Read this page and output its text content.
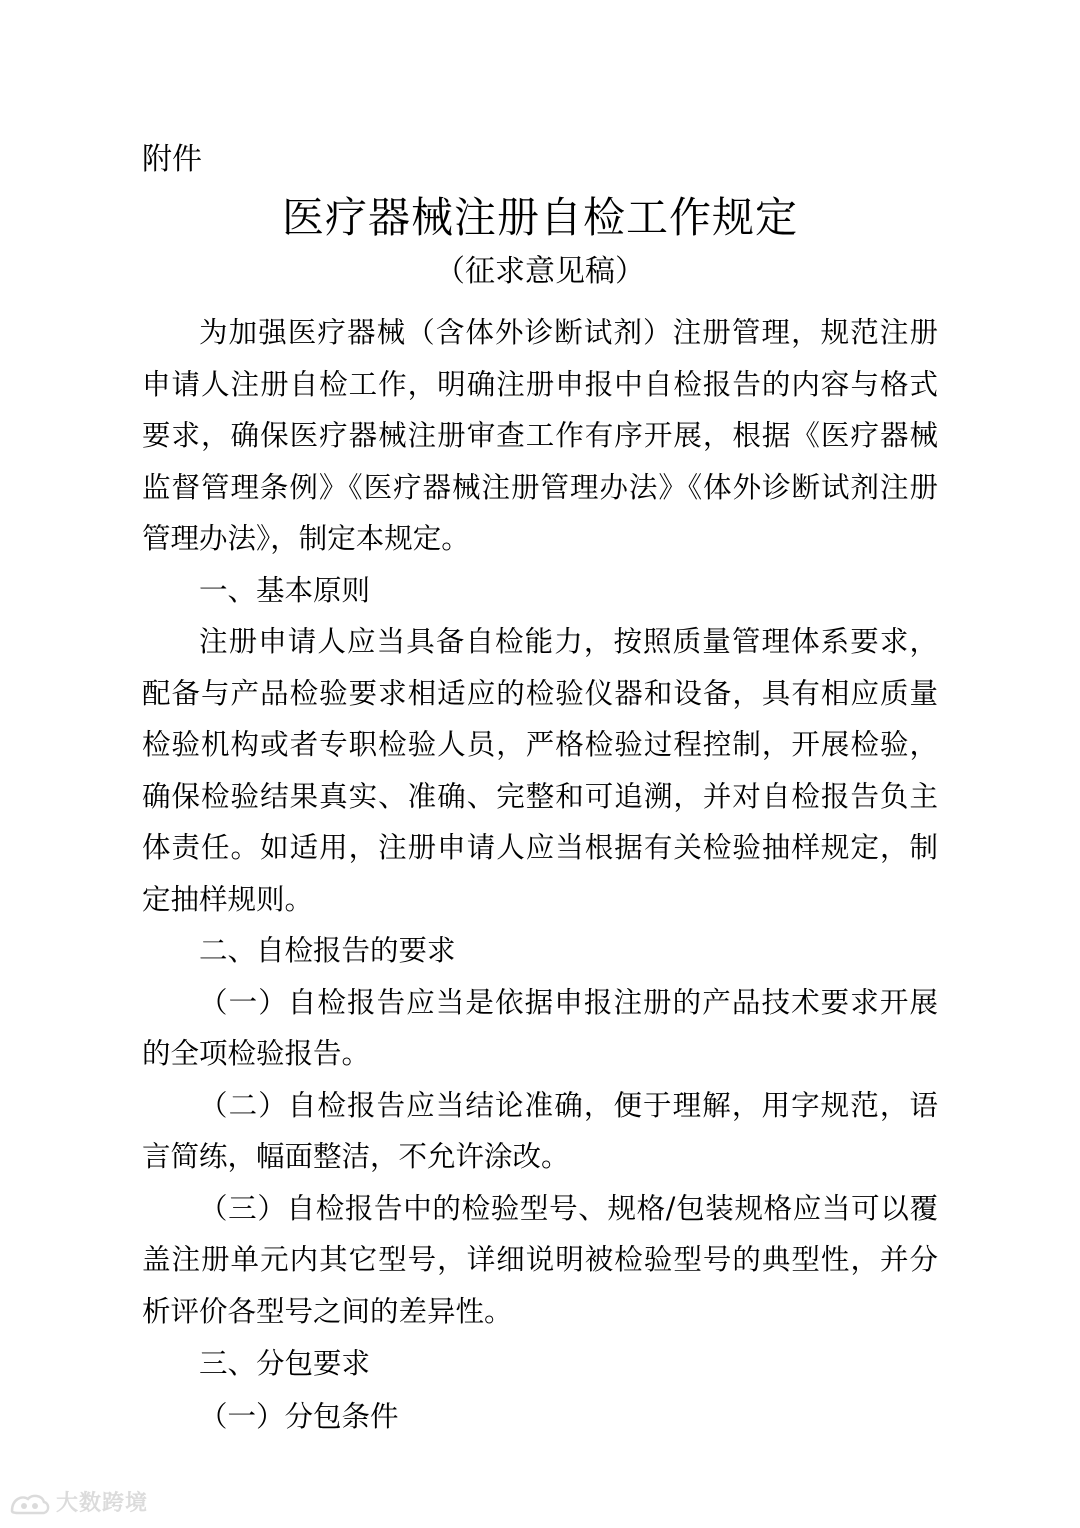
附件
医疗器械注册自检工作规定
（征求意见稿）

为加强医疗器械（含体外诊断试剂）注册管理，规范注册申请人注册自检工作，明确注册申报中自检报告的内容与格式要求，确保医疗器械注册审查工作有序开展，根据《医疗器械监督管理条例》《医疗器械注册管理办法》《体外诊断试剂注册管理办法》，制定本规定。

一、基本原则

注册申请人应当具备自检能力，按照质量管理体系要求，配备与产品检验要求相适应的检验仪器和设备，具有相应质量检验机构或者专职检验人员，严格检验过程控制，开展检验，确保检验结果真实、准确、完整和可追溯，并对自检报告负主体责任。如适用，注册申请人应当根据有关检验抽样规定，制定抽样规则。

二、自检报告的要求

（一）自检报告应当是依据申报注册的产品技术要求开展的全项检验报告。

（二）自检报告应当结论准确，便于理解，用字规范，语言简练，幅面整洁，不允许涂改。

（三）自检报告中的检验型号、规格/包装规格应当可以覆盖注册单元内其它型号，详细说明被检验型号的典型性，并分析评价各型号之间的差异性。

三、分包要求

（一）分包条件

大数跨境
